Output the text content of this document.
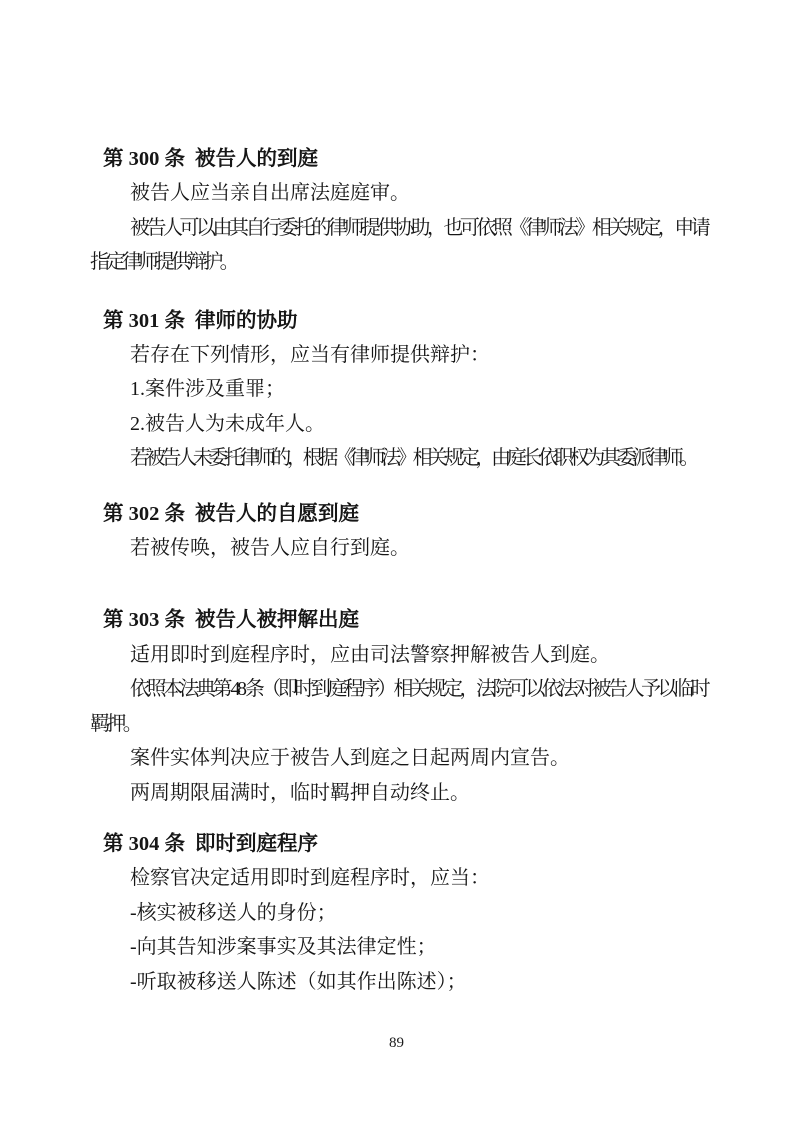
第 300 条 被告人的到庭

被告人应当亲自出席法庭庭审。

被告人可以由其自行委托的律师提供协助，也可依照《律师法》相关规定，申请指定律师提供辩护。

第 301 条 律师的协助

若存在下列情形，应当有律师提供辩护：

1.案件涉及重罪；

2.被告人为未成年人。

若被告人未委托律师的，根据《律师法》相关规定，由庭长依职权为其委派律师。

第 302 条 被告人的自愿到庭

若被传唤，被告人应自行到庭。

第 303 条 被告人被押解出庭

适用即时到庭程序时，应由司法警察押解被告人到庭。

依照本法典第 48 条（即时到庭程序）相关规定，法院可以依法对被告人予以临时羁押。

案件实体判决应于被告人到庭之日起两周内宣告。

两周期限届满时，临时羁押自动终止。

第 304 条 即时到庭程序

检察官决定适用即时到庭程序时，应当：

-核实被移送人的身份；

-向其告知涉案事实及其法律定性；

-听取被移送人陈述（如其作出陈述）；

89
